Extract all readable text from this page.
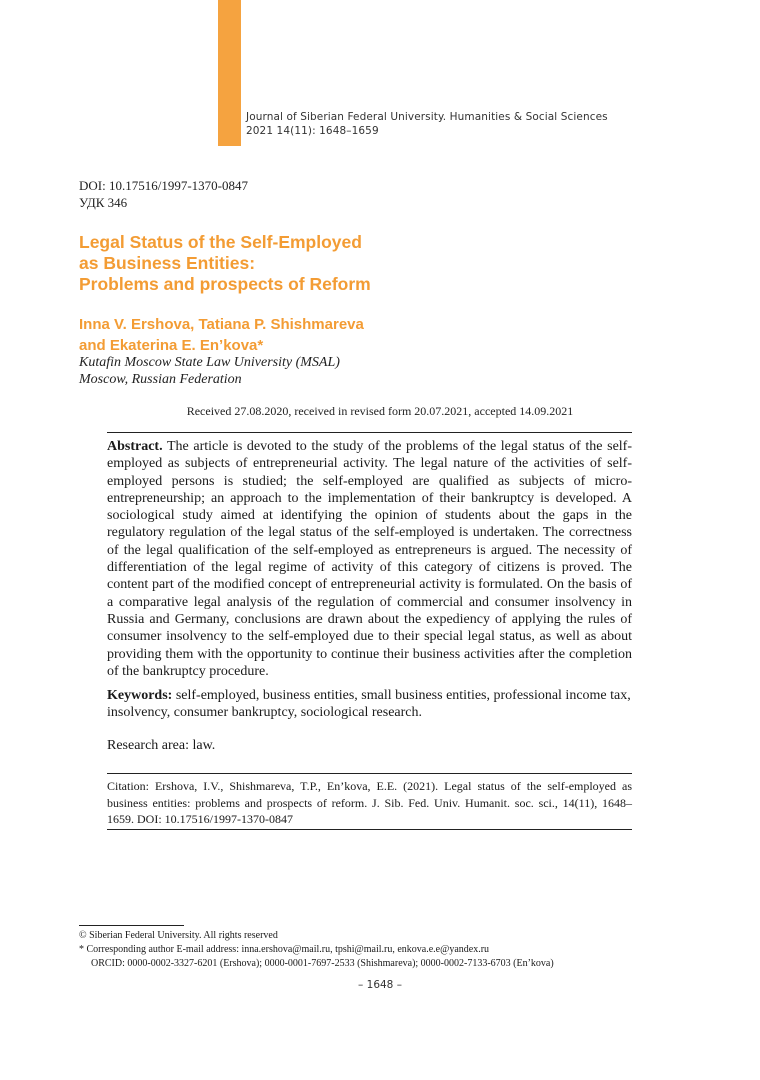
Journal of Siberian Federal University. Humanities & Social Sciences
2021 14(11): 1648–1659
DOI: 10.17516/1997-1370-0847
УДК 346
Legal Status of the Self-Employed
as Business Entities:
Problems and prospects of Reform
Inna V. Ershova, Tatiana P. Shishmareva
and Ekaterina E. En’kova*
Kutafin Moscow State Law University (MSAL)
Moscow, Russian Federation
Received 27.08.2020, received in revised form 20.07.2021, accepted 14.09.2021
Abstract. The article is devoted to the study of the problems of the legal status of the self-employed as subjects of entrepreneurial activity. The legal nature of the activities of self-employed persons is studied; the self-employed are qualified as subjects of micro-entrepreneurship; an approach to the implementation of their bankruptcy is developed. A sociological study aimed at identifying the opinion of students about the gaps in the regulatory regulation of the legal status of the self-employed is undertaken. The correctness of the legal qualification of the self-employed as entrepreneurs is argued. The necessity of differentiation of the legal regime of activity of this category of citizens is proved. The content part of the modified concept of entrepreneurial activity is formulated. On the basis of a comparative legal analysis of the regulation of commercial and consumer insolvency in Russia and Germany, conclusions are drawn about the expediency of applying the rules of consumer insolvency to the self-employed due to their special legal status, as well as about providing them with the opportunity to continue their business activities after the completion of the bankruptcy procedure.
Keywords: self-employed, business entities, small business entities, professional income tax, insolvency, consumer bankruptcy, sociological research.
Research area: law.
Citation: Ershova, I.V., Shishmareva, T.P., En’kova, E.E. (2021). Legal status of the self-employed as business entities: problems and prospects of reform. J. Sib. Fed. Univ. Humanit. soc. sci., 14(11), 1648–1659. DOI: 10.17516/1997-1370-0847
© Siberian Federal University. All rights reserved
* Corresponding author E-mail address: inna.ershova@mail.ru, tpshi@mail.ru, enkova.e.e@yandex.ru
ORCID: 0000-0002-3327-6201 (Ershova); 0000-0001-7697-2533 (Shishmareva); 0000-0002-7133-6703 (En’kova)
– 1648 –
